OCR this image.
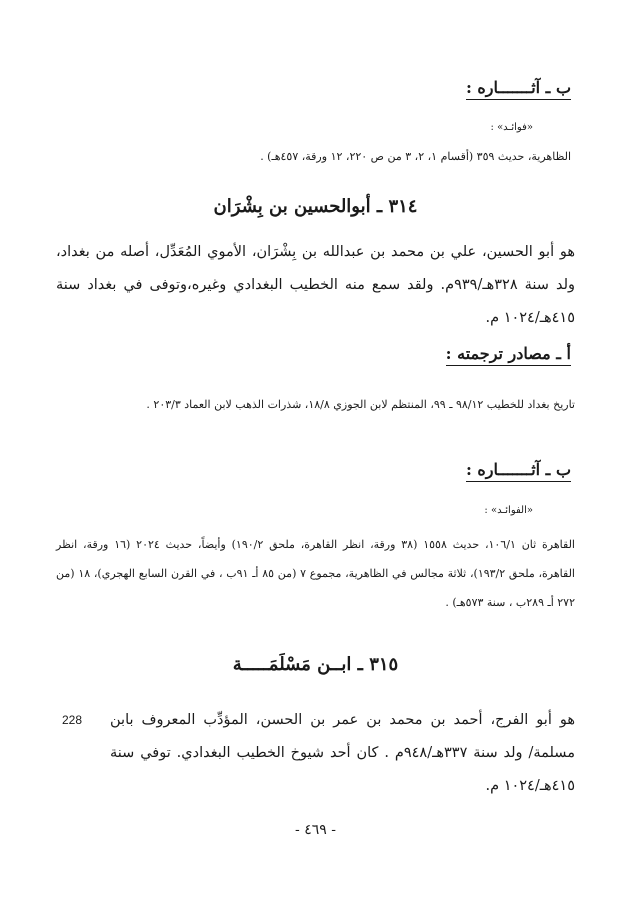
ب ـ آثـــــــاره :
«فوائـد» :
الظاهرية، حديث ٣٥٩ (أقسام ١، ٢، ٣ من ص ٢٢٠، ١٢ ورقة، ٤٥٧هـ) .
٣١٤ ـ أبوالحسين بن بِشْرَان
هو أبو الحسين، علي بن محمد بن عبدالله بن بِشْرَان، الأموي المُعَدِّل، أصله من بغداد، ولد سنة ٣٢٨هـ/٩٣٩م. ولقد سمع منه الخطيب البغدادي وغيره،وتوفى في بغداد سنة ٤١٥هـ/١٠٢٤ م.
أ ـ مصادر ترجمته :
تاريخ بغداد للخطيب ٩٨/١٢ ـ ٩٩، المنتظم لابن الجوزي ١٨/٨، شذرات الذهب لابن العماد ٢٠٣/٣ .
ب ـ آثـــــــاره :
«الفوائـد» :
القاهرة ثان ١٠٦/١، حديث ١٥٥٨ (٣٨ ورقة، انظر القاهرة، ملحق ١٩٠/٢) وأيضاً، حديث ٢٠٢٤ (١٦ ورقة، انظر القاهرة، ملحق ١٩٣/٢)، ثلاثة مجالس في الظاهرية، مجموع ٧ (من ٨٥ أـ ٩١ب ، في القرن السابع الهجري)، ١٨ (من ٢٧٢ أـ ٢٨٩ب ، سنة ٥٧٣هـ) .
٣١٥ ـ ابــن مَسْلَمَـــــة
228 هو أبو الفرج، أحمد بن محمد بن عمر بن الحسن، المؤدِّب المعروف بابن مسلمة/ ولد سنة ٣٣٧هـ/٩٤٨م . كان أحد شيوخ الخطيب البغدادي. توفي سنة ٤١٥هـ/١٠٢٤ م.
- ٤٦٩ -
